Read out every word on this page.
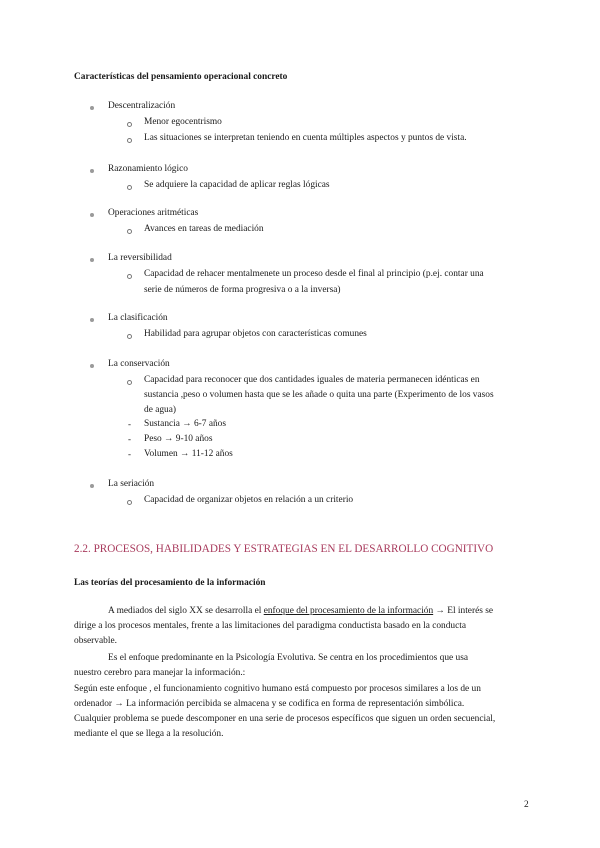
Características del pensamiento operacional concreto
Descentralización
Menor egocentrismo
Las situaciones se interpretan teniendo en cuenta múltiples aspectos y puntos de vista.
Razonamiento lógico
Se adquiere la capacidad de aplicar reglas lógicas
Operaciones aritméticas
Avances en tareas de mediación
La reversibilidad
Capacidad de rehacer mentalmenete un proceso desde el final al principio (p.ej. contar una
serie de números de forma progresiva o a la inversa)
La clasificación
Habilidad para agrupar objetos con características comunes
La conservación
Capacidad para reconocer que dos cantidades iguales de materia permanecen idénticas en
sustancia ,peso o volumen hasta que se les añade o quita una parte (Experimento de los vasos
de agua)
- Sustancia → 6-7 años
- Peso → 9-10 años
- Volumen → 11-12 años
La seriación
Capacidad de organizar objetos en relación a un criterio
2.2. PROCESOS, HABILIDADES Y ESTRATEGIAS EN EL DESARROLLO COGNITIVO
Las teorías del procesamiento de la información
A mediados del siglo XX se desarrolla el enfoque del procesamiento de la información → El interés se
dirige a los procesos mentales, frente a las limitaciones del paradigma conductista basado en la conducta
observable.
Es el enfoque predominante en la Psicología Evolutiva. Se centra en los procedimientos que usa
nuestro cerebro para manejar la información.:
Según este enfoque , el funcionamiento cognitivo humano está compuesto por procesos similares a los de un
ordenador → La información percibida se almacena y se codifica en forma de representación simbólica.
Cualquier problema se puede descomponer en una serie de procesos específicos que siguen un orden secuencial,
mediante el que se llega a la resolución.
2
